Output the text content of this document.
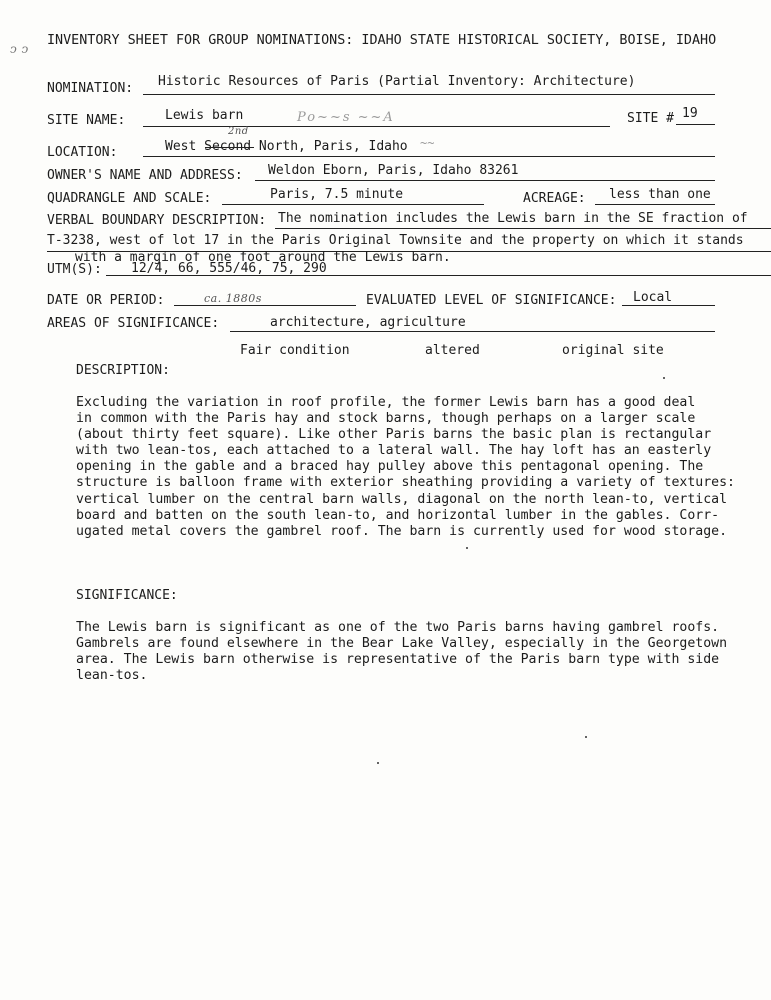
ↄ ↄ
INVENTORY SHEET FOR GROUP NOMINATIONS: IDAHO STATE HISTORICAL SOCIETY, BOISE, IDAHO
NOMINATION: Historic Resources of Paris (Partial Inventory: Architecture)
SITE NAME:	Lewis barn	Po~~s ~~A	SITE # 19
2nd
LOCATION:	West Second North, Paris, Idaho ~~
OWNER'S NAME AND ADDRESS: Weldon Eborn, Paris, Idaho 83261
QUADRANGLE AND SCALE:	Paris, 7.5 minute	ACREAGE: less than one
VERBAL BOUNDARY DESCRIPTION: The nomination includes the Lewis barn in the SE fraction of
T-3238, west of lot 17 in the Paris Original Townsite and the property on which it stands
with a margin of one foot around the Lewis barn.
UTM(S): 12/4, 66, 555/46, 75, 290
DATE OR PERIOD:	ca. 1880s	EVALUATED LEVEL OF SIGNIFICANCE: Local
AREAS OF SIGNIFICANCE:	architecture, agriculture
Fair condition	altered	original site
DESCRIPTION:
Excluding the variation in roof profile, the former Lewis barn has a good deal
in common with the Paris hay and stock barns, though perhaps on a larger scale
(about thirty feet square). Like other Paris barns the basic plan is rectangular
with two lean-tos, each attached to a lateral wall. The hay loft has an easterly
opening in the gable and a braced hay pulley above this pentagonal opening. The
structure is balloon frame with exterior sheathing providing a variety of textures:
vertical lumber on the central barn walls, diagonal on the north lean-to, vertical
board and batten on the south lean-to, and horizontal lumber in the gables. Corr-
ugated metal covers the gambrel roof. The barn is currently used for wood storage.
SIGNIFICANCE:
The Lewis barn is significant as one of the two Paris barns having gambrel roofs.
Gambrels are found elsewhere in the Bear Lake Valley, especially in the Georgetown
area. The Lewis barn otherwise is representative of the Paris barn type with side
lean-tos.
